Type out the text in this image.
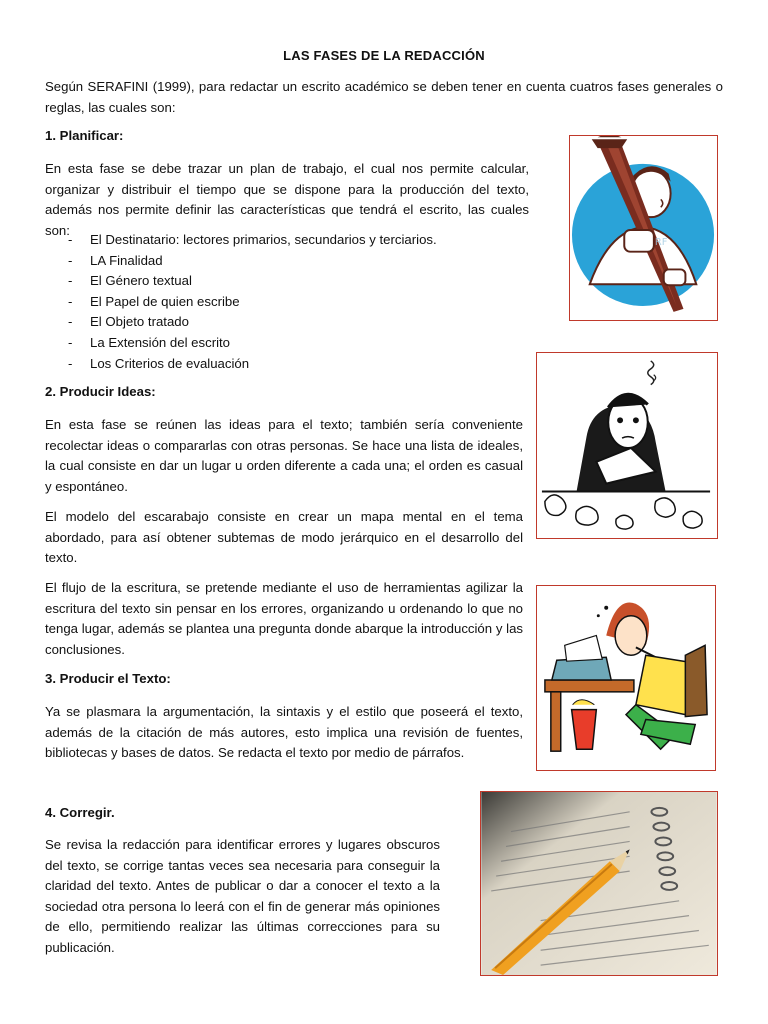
LAS FASES DE LA REDACCIÓN

Según SERAFINI (1999), para redactar un escrito académico se deben tener en cuenta cuatros fases generales o reglas, las cuales son:

1. Planificar:

En esta fase se debe trazar un plan de trabajo, el cual nos permite calcular, organizar y distribuir el tiempo que se dispone para la producción del texto, además nos permite definir las características que tendrá el escrito, las cuales son:

- El Destinatario: lectores primarios, secundarios y terciarios.
- LA Finalidad
- El Género textual
- El Papel de quien escribe
- El Objeto tratado
- La Extensión del escrito
- Los Criterios de evaluación
2. Producir Ideas:

En esta fase se reúnen las ideas para el texto; también sería conveniente recolectar ideas o compararlas con otras personas. Se hace una lista de ideales, la cual consiste en dar un lugar u orden diferente a cada una; el orden es casual y espontáneo.

El modelo del escarabajo consiste en crear un mapa mental en el tema abordado, para así obtener subtemas de modo jerárquico en el desarrollo del texto.

El flujo de la escritura, se pretende mediante el uso de herramientas agilizar la escritura del texto sin pensar en los errores, organizando u ordenando lo que no tenga lugar, además se plantea una pregunta donde abarque la introducción y las conclusiones.

3. Producir el Texto:

Ya se plasmara la argumentación, la sintaxis y el estilo que poseerá el texto, además de la citación de más autores, esto implica una revisión de fuentes, bibliotecas y bases de datos. Se redacta el texto por medio de párrafos.

4. Corregir.

Se revisa la redacción para identificar errores y lugares obscuros del texto, se corrige tantas veces sea necesaria para conseguir la claridad del texto. Antes de publicar o dar a conocer el texto a la sociedad otra persona lo leerá con el fin de generar más opiniones de ello, permitiendo realizar las últimas correcciones para su publicación.

RF
